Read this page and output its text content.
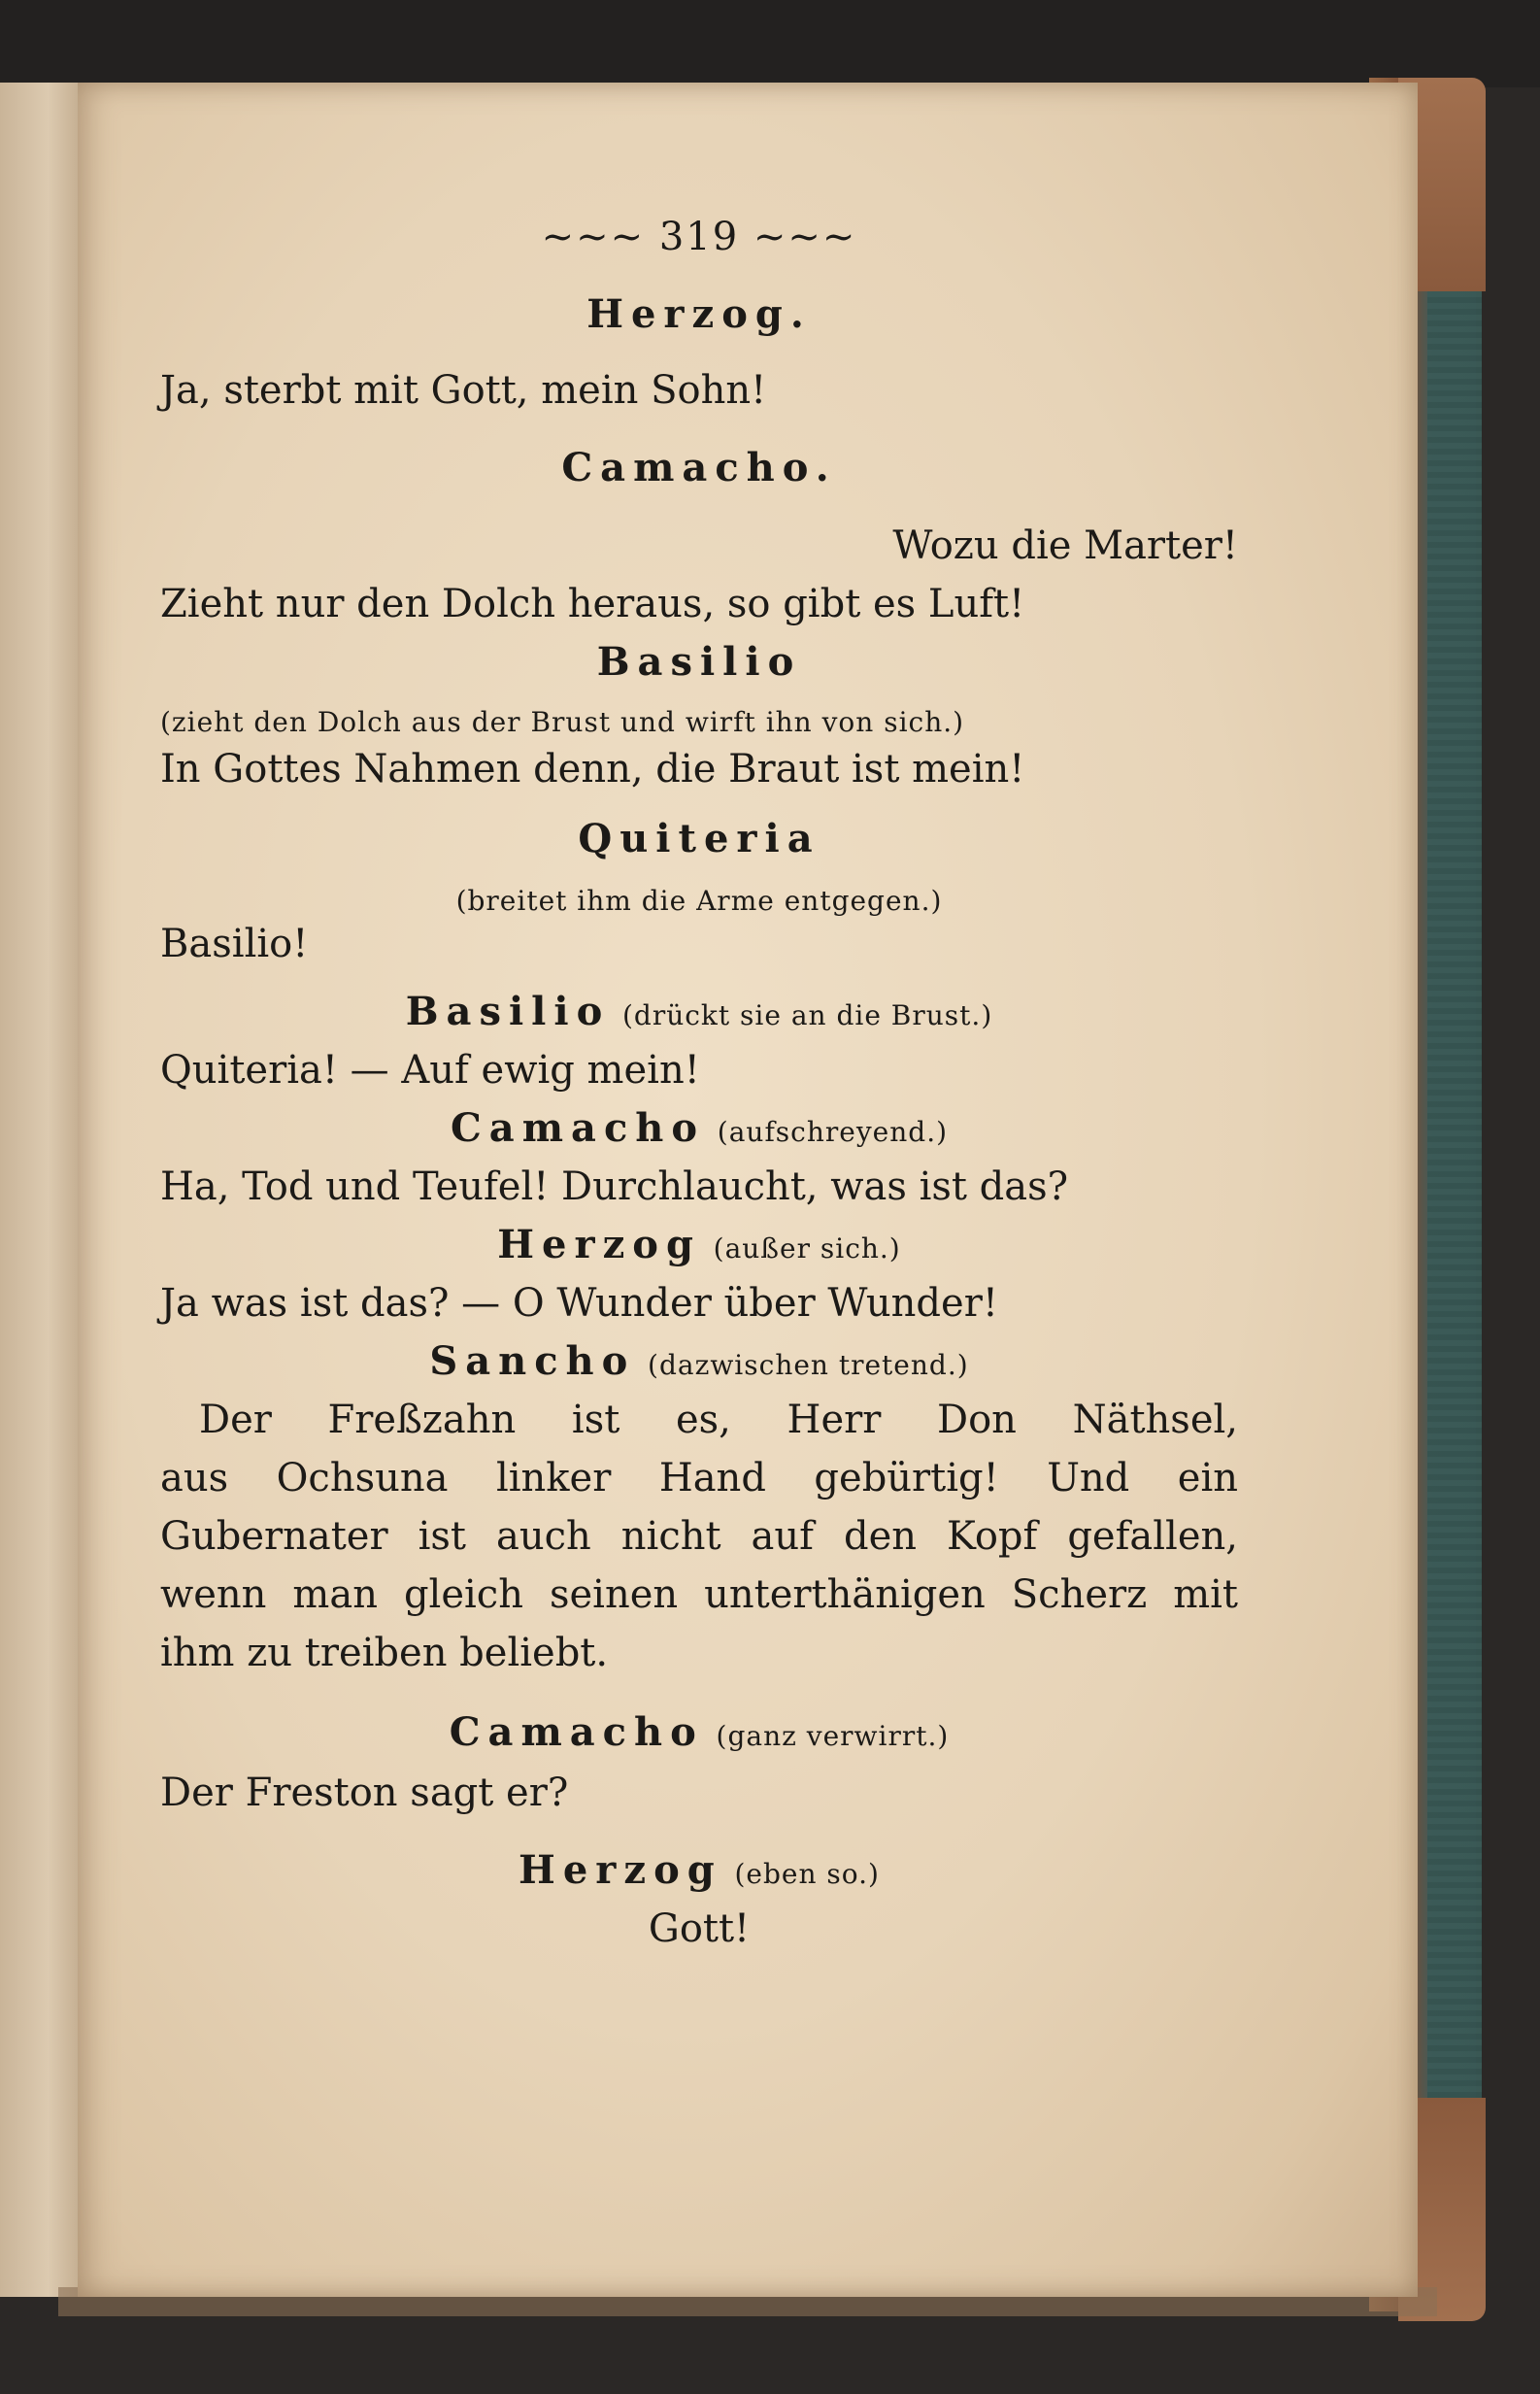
~~~ 319 ~~~
Herzog.
Ja, sterbt mit Gott, mein Sohn!
Camacho.
Wozu die Marter!
Zieht nur den Dolch heraus, so gibt es Luft!
Basilio
(zieht den Dolch aus der Brust und wirft ihn von sich.)
In Gottes Nahmen denn, die Braut ist mein!
Quiteria
(breitet ihm die Arme entgegen.)
Basilio!
Basilio (drückt sie an die Brust.)
Quiteria! — Auf ewig mein!
Camacho (aufschreyend.)
Ha, Tod und Teufel! Durchlaucht, was ist das?
Herzog (außer sich.)
Ja was ist das? — O Wunder über Wunder!
Sancho (dazwischen tretend.)
Der Freßzahn ist es, Herr Don Näthsel,
aus Ochsuna linker Hand gebürtig! Und ein
Gubernater ist auch nicht auf den Kopf gefallen,
wenn man gleich seinen unterthänigen Scherz mit
ihm zu treiben beliebt.
Camacho (ganz verwirrt.)
Der Freston sagt er?
Herzog (eben so.)
Gott!
